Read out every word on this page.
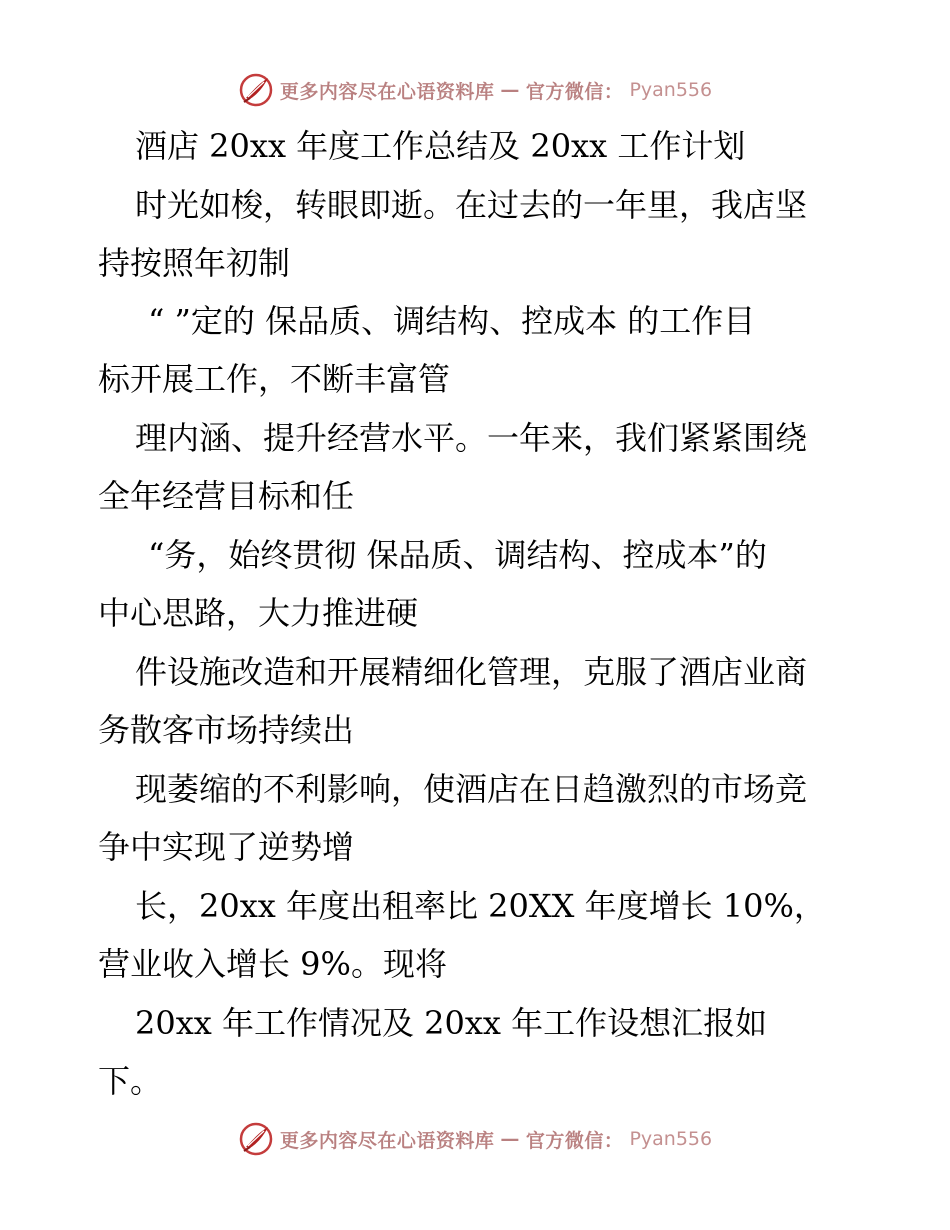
更多内容尽在心语资料库 — 官方微信： Pyan556
酒店 20xx 年度工作总结及 20xx 工作计划
时光如梭，转眼即逝。在过去的一年里，我店坚
持按照年初制
“ ”定的 保品质、调结构、控成本 的工作目
标开展工作，不断丰富管
理内涵、提升经营水平。一年来，我们紧紧围绕
全年经营目标和任
“务，始终贯彻 保品质、调结构、控成本”的
中心思路，大力推进硬
件设施改造和开展精细化管理，克服了酒店业商
务散客市场持续出
现萎缩的不利影响，使酒店在日趋激烈的市场竞
争中实现了逆势增
长，20xx 年度出租率比 20XX 年度增长 10%，
营业收入增长 9%。现将
20xx 年工作情况及 20xx 年工作设想汇报如
下。
更多内容尽在心语资料库 — 官方微信： Pyan556
